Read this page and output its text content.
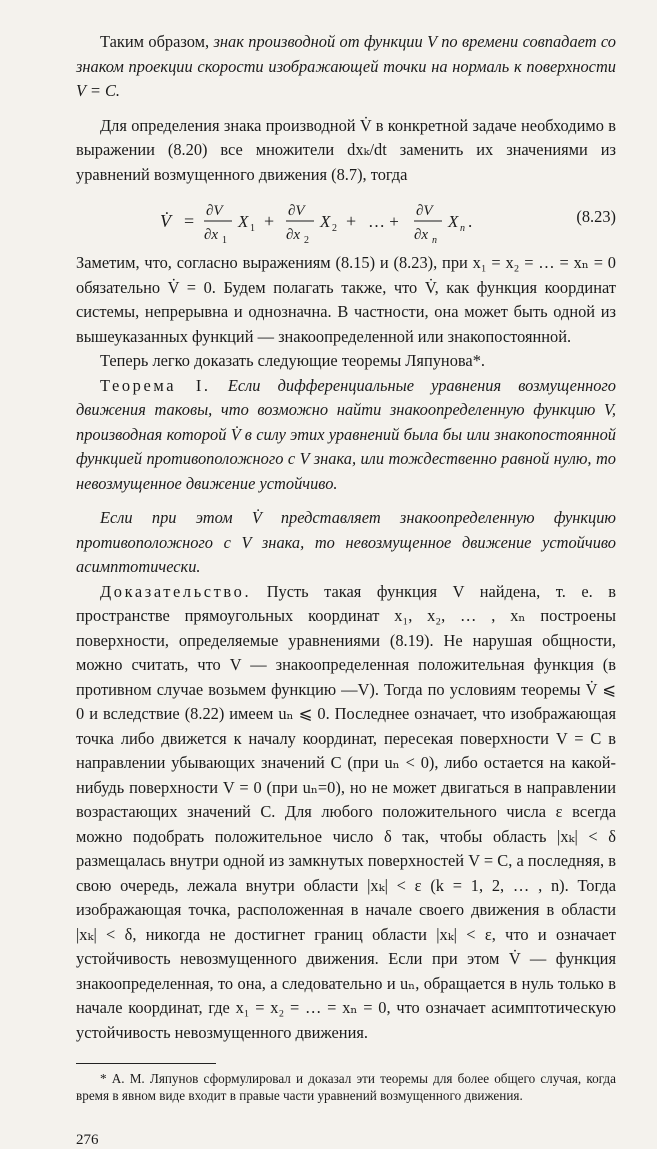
Таким образом, знак производной от функции V по времени совпадает со знаком проекции скорости изображающей точки на нормаль к поверхности V = C.

Для определения знака производной V̇ в конкретной задаче необходимо в выражении (8.20) все множители dxₖ/dt заменить их значениями из уравнений возмущенного движения (8.7), тогда

V̇ = ∂V
∂x 1
X 1 + ∂V
∂x 2
X 2 + … +
∂V
∂x n
X n .	(8.23)

Заметим, что, согласно выражениям (8.15) и (8.23), при x₁ = x₂ = … = xₙ = 0 обязательно V̇ = 0. Будем полагать также, что V̇, как функция координат системы, непрерывна и однозначна. В частности, она может быть одной из вышеуказанных функций — знакоопределенной или знакопостоянной.

Теперь легко доказать следующие теоремы Ляпунова*.

Теорема I. Если дифференциальные уравнения возмущенного движения таковы, что возможно найти знакоопределенную функцию V, производная которой V̇ в силу этих уравнений была бы или знакопостоянной функцией противоположного с V знака, или тождественно равной нулю, то невозмущенное движение устойчиво.

Если при этом V̇ представляет знакоопределенную функцию противоположного с V знака, то невозмущенное движение устойчиво асимптотически.

Доказательство. Пусть такая функция V найдена, т. е. в пространстве прямоугольных координат x₁, x₂, … , xₙ построены поверхности, определяемые уравнениями (8.19). Не нарушая общности, можно считать, что V — знакоопределенная положительная функция (в противном случае возьмем функцию —V). Тогда по условиям теоремы V̇ ⩽ 0 и вследствие (8.22) имеем uₙ ⩽ 0. Последнее означает, что изображающая точка либо движется к началу координат, пересекая поверхности V = C в направлении убывающих значений C (при uₙ < 0), либо остается на какой-нибудь поверхности V = 0 (при uₙ=0), но не может двигаться в направлении возрастающих значений C. Для любого положительного числа ε всегда можно подобрать положительное число δ так, чтобы область |xₖ| < δ размещалась внутри одной из замкнутых поверхностей V = C, а последняя, в свою очередь, лежала внутри области |xₖ| < ε (k = 1, 2, … , n). Тогда изображающая точка, расположенная в начале своего движения в области |xₖ| < δ, никогда не достигнет границ области |xₖ| < ε, что и означает устойчивость невозмущенного движения. Если при этом V̇ — функция знакоопределенная, то она, а следовательно и uₙ, обращается в нуль только в начале координат, где x₁ = x₂ = … = xₙ = 0, что означает асимптотическую устойчивость невозмущенного движения.

* А. М. Ляпунов сформулировал и доказал эти теоремы для более общего случая, когда время в явном виде входит в правые части уравнений возмущенного движения.

276
